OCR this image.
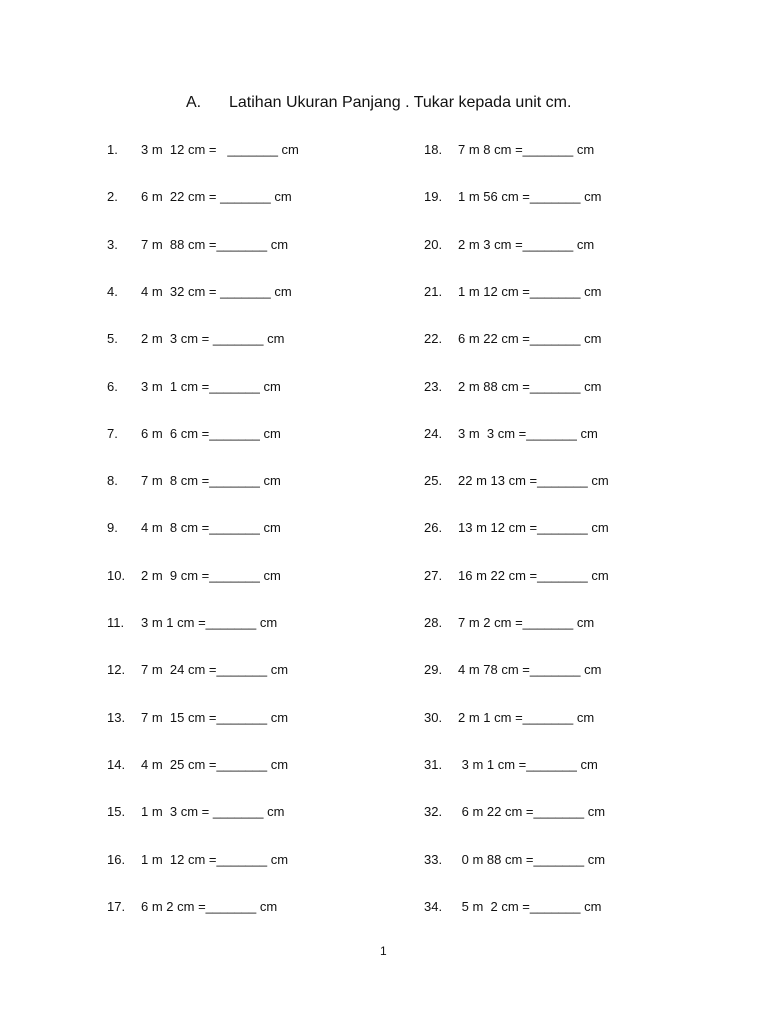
A.	Latihan Ukuran Panjang . Tukar kepada unit cm.
1. 3 m  12 cm =   _______ cm
2. 6 m  22 cm = _______ cm
3. 7 m  88 cm =_______ cm
4. 4 m  32 cm = _______ cm
5. 2 m  3 cm = _______ cm
6. 3 m  1 cm =_______ cm
7. 6 m  6 cm =_______ cm
8. 7 m  8 cm =_______ cm
9. 4 m  8 cm =_______ cm
10. 2 m  9 cm =_______ cm
11. 3 m 1 cm =_______ cm
12. 7 m  24 cm =_______ cm
13. 7 m  15 cm =_______ cm
14. 4 m  25 cm =_______ cm
15. 1 m  3 cm = _______ cm
16. 1 m  12 cm =_______ cm
17. 6 m 2 cm =_______ cm
18. 7 m 8 cm =_______ cm
19. 1 m 56 cm =_______ cm
20. 2 m 3 cm =_______ cm
21. 1 m 12 cm =_______ cm
22. 6 m 22 cm =_______ cm
23. 2 m 88 cm =_______ cm
24. 3 m  3 cm =_______ cm
25. 22 m 13 cm =_______ cm
26. 13 m 12 cm =_______ cm
27. 16 m 22 cm =_______ cm
28. 7 m 2 cm =_______ cm
29. 4 m 78 cm =_______ cm
30. 2 m 1 cm =_______ cm
31. 3 m 1 cm =_______ cm
32. 6 m 22 cm =_______ cm
33. 0 m 88 cm =_______ cm
34. 5 m  2 cm =_______ cm
1
